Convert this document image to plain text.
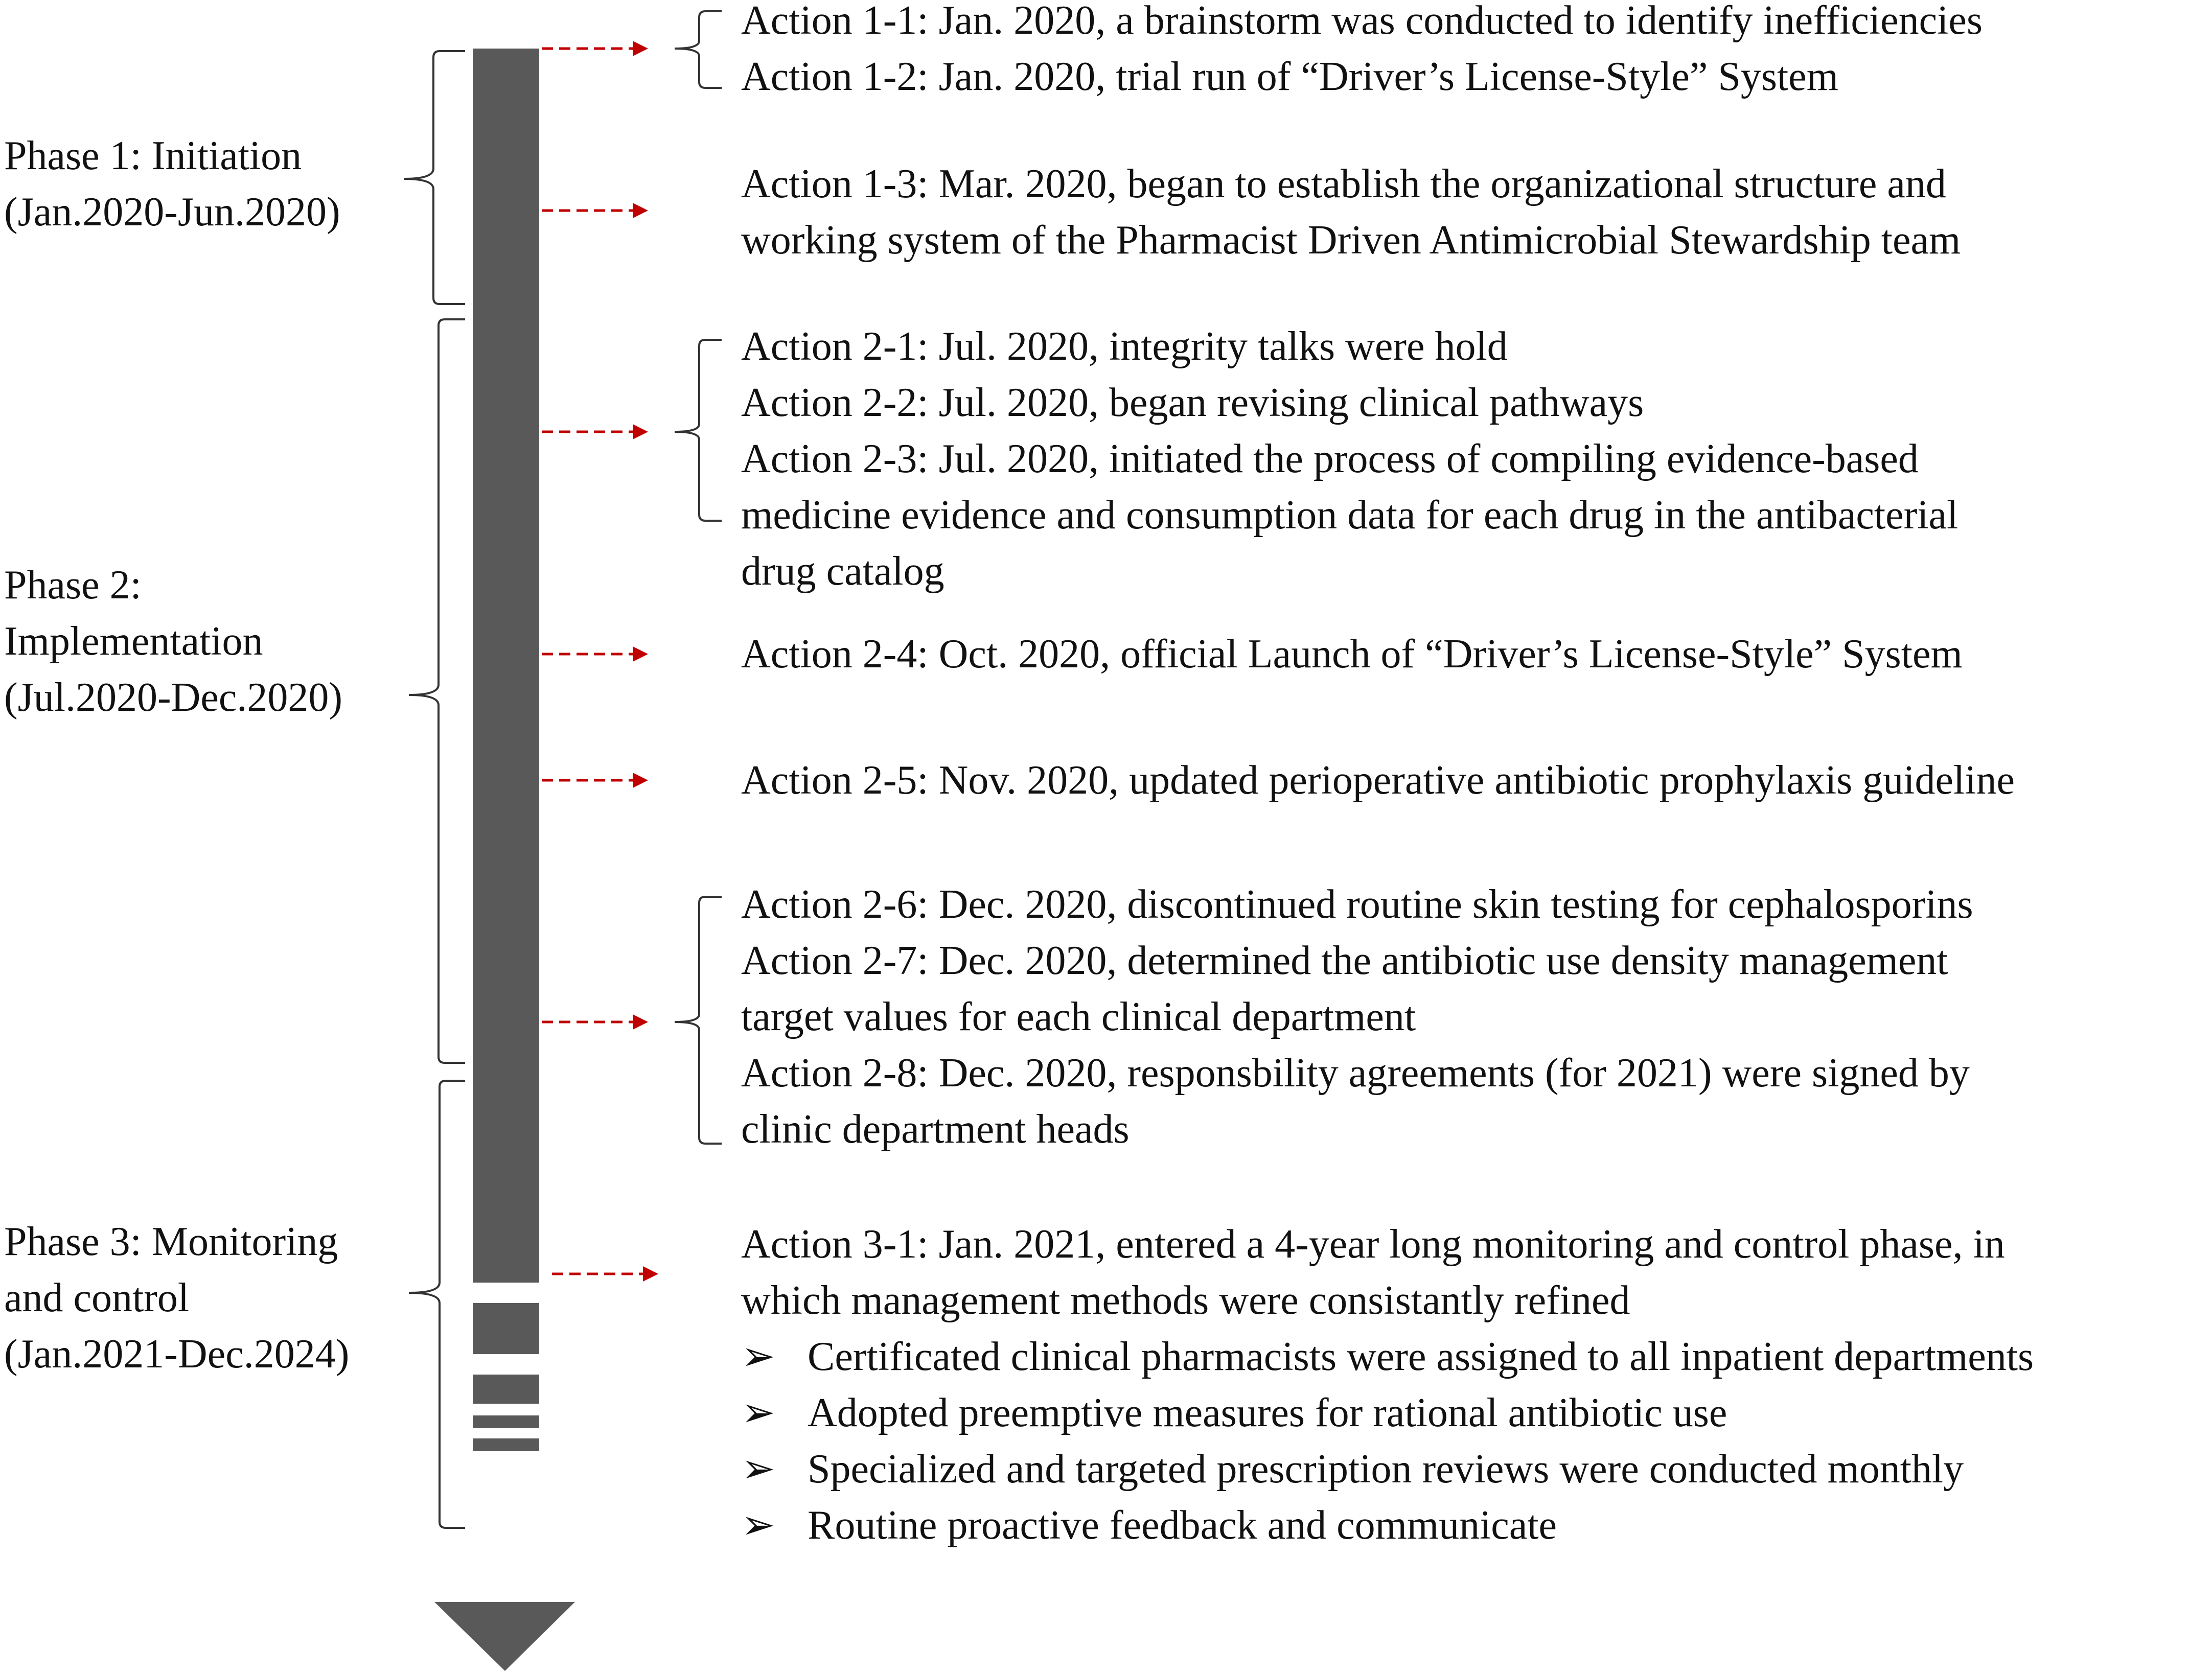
Phase 1: Initiation

(Jan.2020-Jun.2020)

Phase 2:

Implementation

(Jul.2020-Dec.2020)

Phase 3: Monitoring

and control

(Jan.2021-Dec.2024)

Action 1-1: Jan. 2020, a brainstorm was conducted to identify inefficiencies

Action 1-2: Jan. 2020, trial run of “Driver’s License-Style” System

Action 1-3: Mar. 2020, began to establish the organizational structure and

working system of the Pharmacist Driven Antimicrobial Stewardship team

Action 2-1: Jul. 2020, integrity talks were hold

Action 2-2: Jul. 2020, began revising clinical pathways

Action 2-3: Jul. 2020, initiated the process of compiling evidence-based

medicine evidence and consumption data for each drug in the antibacterial

drug catalog

Action 2-4: Oct. 2020, official Launch of “Driver’s License-Style” System

Action 2-5: Nov. 2020, updated perioperative antibiotic prophylaxis guideline

Action 2-6: Dec. 2020, discontinued routine skin testing for cephalosporins

Action 2-7: Dec. 2020, determined the antibiotic use density management

target values for each clinical department

Action 2-8: Dec. 2020, responsbility agreements (for 2021) were signed by

clinic department heads

Action 3-1: Jan. 2021, entered a 4-year long monitoring and control phase, in

which management methods were consistantly refined

➢ Certificated clinical pharmacists were assigned to all inpatient departments

➢ Adopted preemptive measures for rational antibiotic use

➢ Specialized and targeted prescription reviews were conducted monthly

➢ Routine proactive feedback and communicate
